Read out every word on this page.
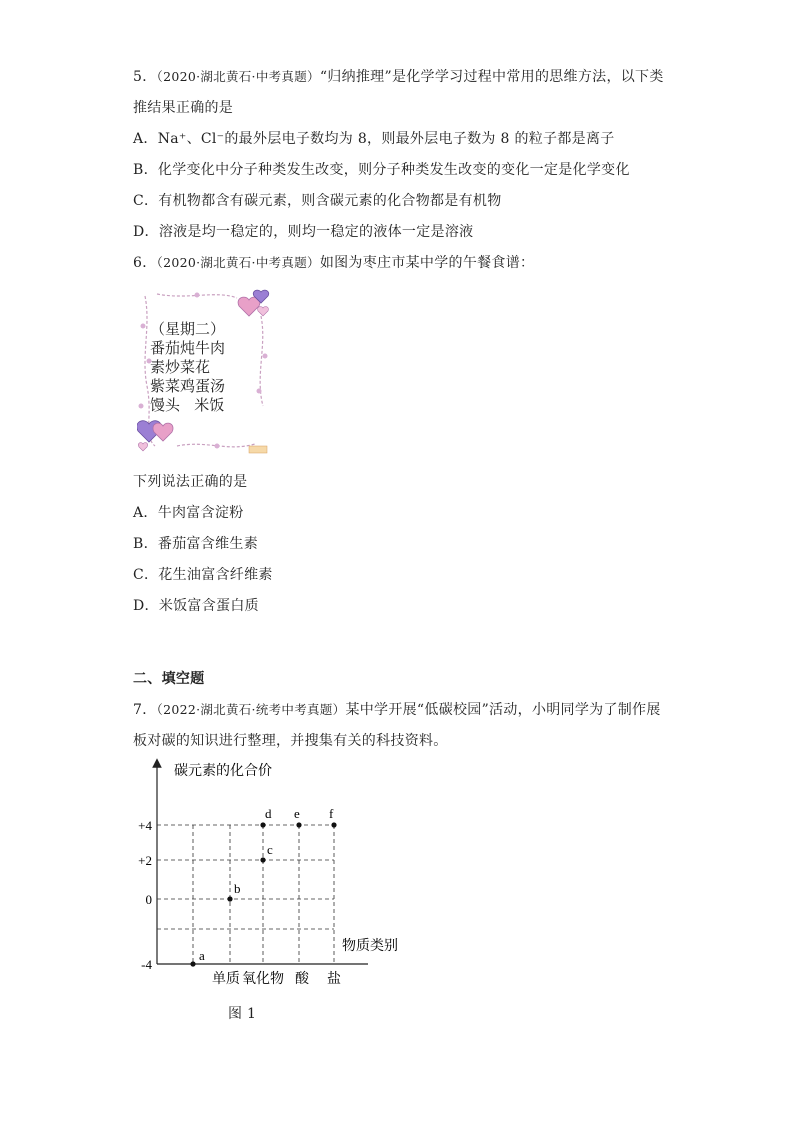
5．（2020·湖北黄石·中考真题）“归纳推理”是化学学习过程中常用的思维方法，以下类
推结果正确的是
A．Na⁺、Cl⁻的最外层电子数均为 8，则最外层电子数为 8 的粒子都是离子
B．化学变化中分子种类发生改变，则分子种类发生改变的变化一定是化学变化
C．有机物都含有碳元素，则含碳元素的化合物都是有机物
D．溶液是均一稳定的，则均一稳定的液体一定是溶液
6．（2020·湖北黄石·中考真题）如图为枣庄市某中学的午餐食谱：
（星期二）
番茄炖牛肉
素炒菜花
紫菜鸡蛋汤
馒头   米饭
下列说法正确的是
A．牛肉富含淀粉
B．番茄富含维生素
C．花生油富含纤维素
D．米饭富含蛋白质
二、填空题
7．（2022·湖北黄石·统考中考真题）某中学开展“低碳校园”活动，小明同学为了制作展
板对碳的知识进行整理，并搜集有关的科技资料。
+4
+2
0
-4
单质 氧化物 酸 盐
a
b
c
d e f
碳元素的化合价
物质类别
图 1
